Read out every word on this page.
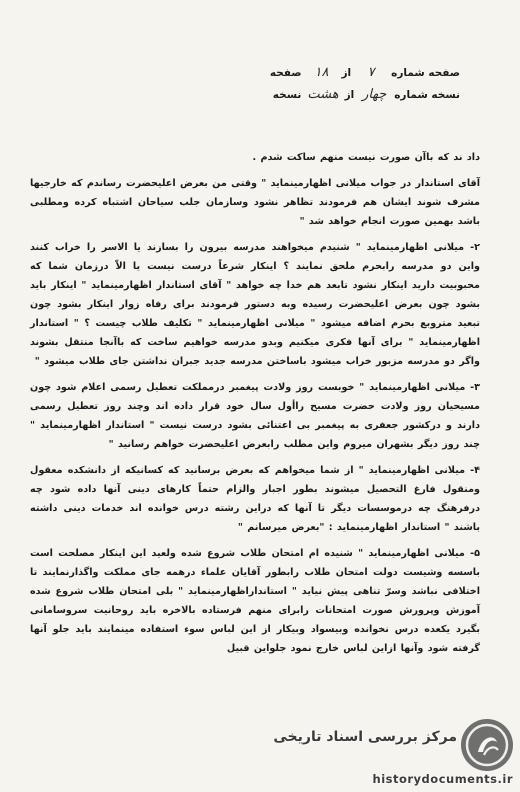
صفحه شماره
۷
از
۱۸
صفحه
نسخه شماره
چهار
از
هشت
نسخه

داد ند که باآن صورت نیست منهم ساکت شدم .

آقای استاندار در جواب میلانی اظهارمینماید " وقتی من بعرض اعلیحضرت رساندم که خارجیها مشرف شوند ایشان هم فرمودند تظاهر نشود وسازمان جلب سیاحان اشتباه کرده ومطلبی باشد بهمین صورت انجام خواهد شد "

۲- میلانی اظهارمینماید " شنیدم میخواهند مدرسه بیرون را بسازند یا الاسر را خراب کنند واین دو مدرسه رابحرم ملحق نمایند ؟ اینکار شرعاً درست نیست یا الاّ درزمان شما که محبوبیت دارید اینکار نشود تابعد هم خدا چه خواهد " آقای استاندار اظهارمینماید " اینکار باید بشود چون بعرض اعلیحضرت رسیده وبه دستور فرمودند برای رفاه زوار اینکار بشود چون تبعید متروبع بحرم اضافه میشود " میلانی اظهارمینماید " تکلیف طلاب چیست ؟ " استاندار اظهارمینماید " برای آنها فکری میکنیم وبدو مدرسه خواهیم ساخت که باآنجا منتقل بشوند واگر دو مدرسه مزبور خراب میشود باساختن مدرسه جدید جبران نداشتن جای طلاب میشود "

۳- میلانی اظهارمینماید " خوبست روز ولادت پیغمبر درمملکت تعطیل رسمی اعلام شود چون مسیحیان روز ولادت حضرت مسیح راأول سال خود قرار داده اند وچند روز تعطیل رسمی دارند و درکشور جعفری به پیغمبر بی اعتنائی بشود درست نیست " استاندار اظهارمینماید " چند روز دیگر بشهران میروم واین مطلب رابعرض اعلیحضرت خواهم رسانید "

۴- میلانی اظهارمینماید " از شما میخواهم که بعرض برسانید که کسانیکه از دانشکده معقول ومنقول فارغ التحصیل میشوند بطور اجبار والزام حتماً کارهای دینی آنها داده شود چه درفرهنگ چه درموسسات دیگر تا آنها که دراین رشته درس خوانده اند خدمات دینی داشته باشند " استاندار اظهارمینماید : "بعرض میرسانم "

۵- میلانی اظهارمینماید " شنیده ام امتحان طلاب شروع شده ولعید این اینکار مصلحت است باسسه وشیست دولت امتحان طلاب رابطور آقایان علماء درهمه جای مملکت واگذارنمایند تا اختلافی نباشد وسرّ تناهی پیش نیاید " استانداراظهارمینماید " بلی امتحان طلاب شروع شده آموزش وپرورش صورت امتحانات رابرای منهم فرستاده بالاخره باید روحانیت سروسامانی بگیرد یکعده درس نخوانده وبیسواد وبیکار از این لباس سوء استفاده مینمایند باید جلو آنها گرفته شود وآنها ازاین لباس خارج نمود جلواین قبیل

مرکز بررسی اسناد تاریخی
historydocuments.ir
